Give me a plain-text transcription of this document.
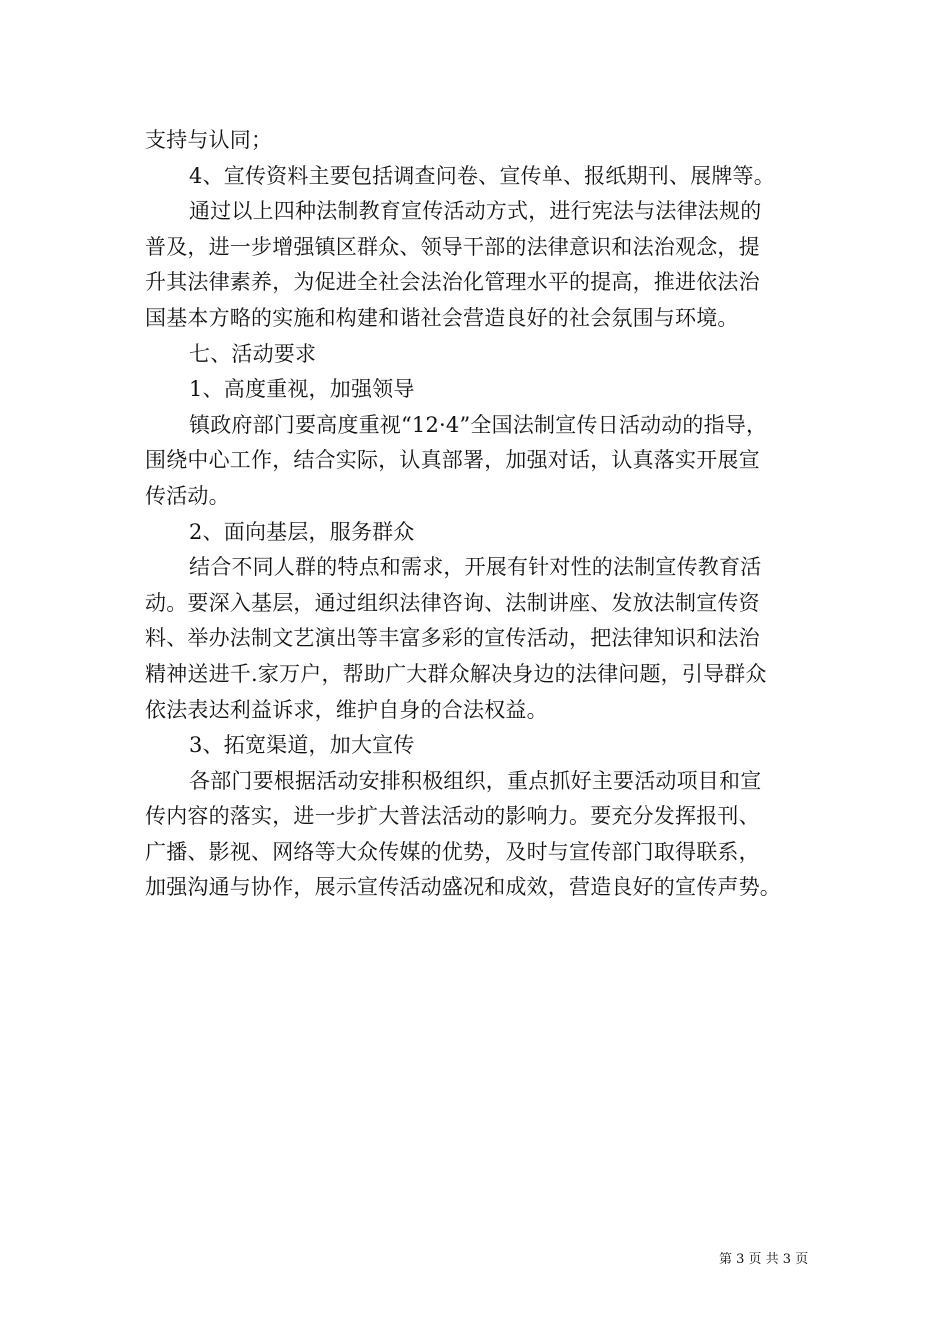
支持与认同；
4、宣传资料主要包括调查问卷、宣传单、报纸期刊、展牌等。
通过以上四种法制教育宣传活动方式，进行宪法与法律法规的
普及，进一步增强镇区群众、领导干部的法律意识和法治观念，提
升其法律素养，为促进全社会法治化管理水平的提高，推进依法治
国基本方略的实施和构建和谐社会营造良好的社会氛围与环境。
七、活动要求
1、高度重视，加强领导
镇政府部门要高度重视“12·4”全国法制宣传日活动动的指导，
围绕中心工作，结合实际，认真部署，加强对话，认真落实开展宣
传活动。
2、面向基层，服务群众
结合不同人群的特点和需求，开展有针对性的法制宣传教育活
动。要深入基层，通过组织法律咨询、法制讲座、发放法制宣传资
料、举办法制文艺演出等丰富多彩的宣传活动，把法律知识和法治
精神送进千.家万户，帮助广大群众解决身边的法律问题，引导群众
依法表达利益诉求，维护自身的合法权益。
3、拓宽渠道，加大宣传
各部门要根据活动安排积极组织，重点抓好主要活动项目和宣
传内容的落实，进一步扩大普法活动的影响力。要充分发挥报刊、
广播、影视、网络等大众传媒的优势，及时与宣传部门取得联系，
加强沟通与协作，展示宣传活动盛况和成效，营造良好的宣传声势。
第 3 页 共 3 页
